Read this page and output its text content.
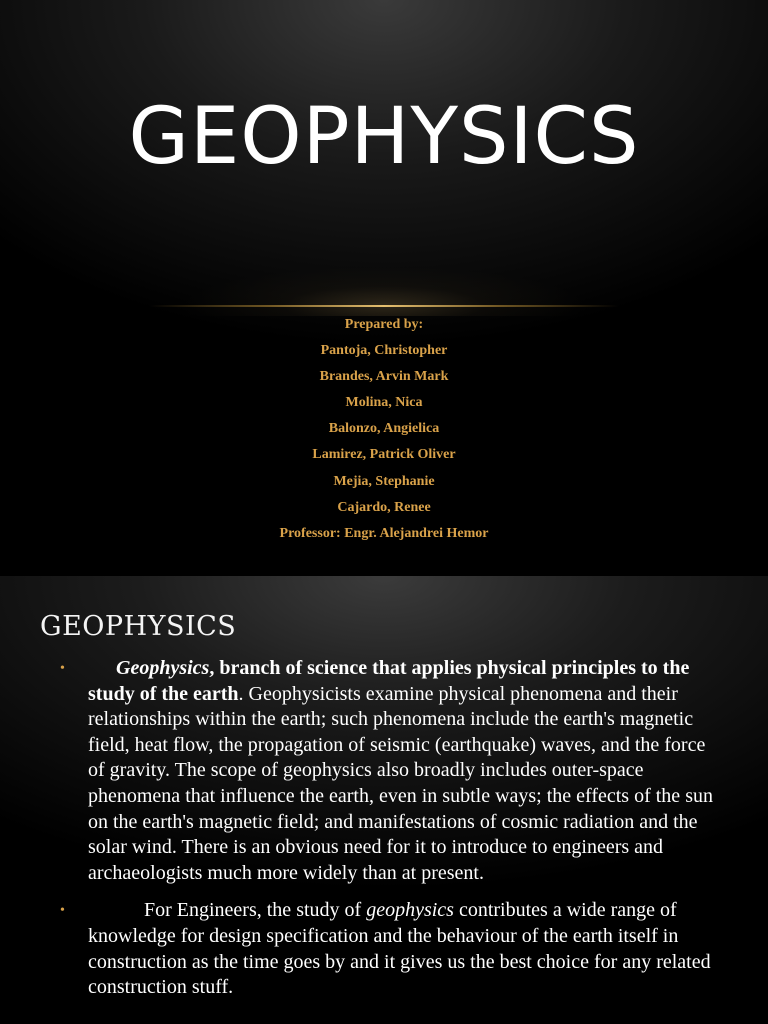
GEOPHYSICS
Prepared by:
Pantoja, Christopher
Brandes, Arvin Mark
Molina, Nica
Balonzo, Angielica
Lamirez, Patrick Oliver
Mejia, Stephanie
Cajardo, Renee
Professor: Engr. Alejandrei Hemor
GEOPHYSICS
•	Geophysics, branch of science that applies physical principles to the study of the earth. Geophysicists examine physical phenomena and their relationships within the earth; such phenomena include the earth's magnetic field, heat flow, the propagation of seismic (earthquake) waves, and the force of gravity. The scope of geophysics also broadly includes outer-space phenomena that influence the earth, even in subtle ways; the effects of the sun on the earth's magnetic field; and manifestations of cosmic radiation and the solar wind. There is an obvious need for it to introduce to engineers and archaeologists much more widely than at present.
•	For Engineers, the study of geophysics contributes a wide range of knowledge for design specification and the behaviour of the earth itself in construction as the time goes by and it gives us the best choice for any related construction stuff.
